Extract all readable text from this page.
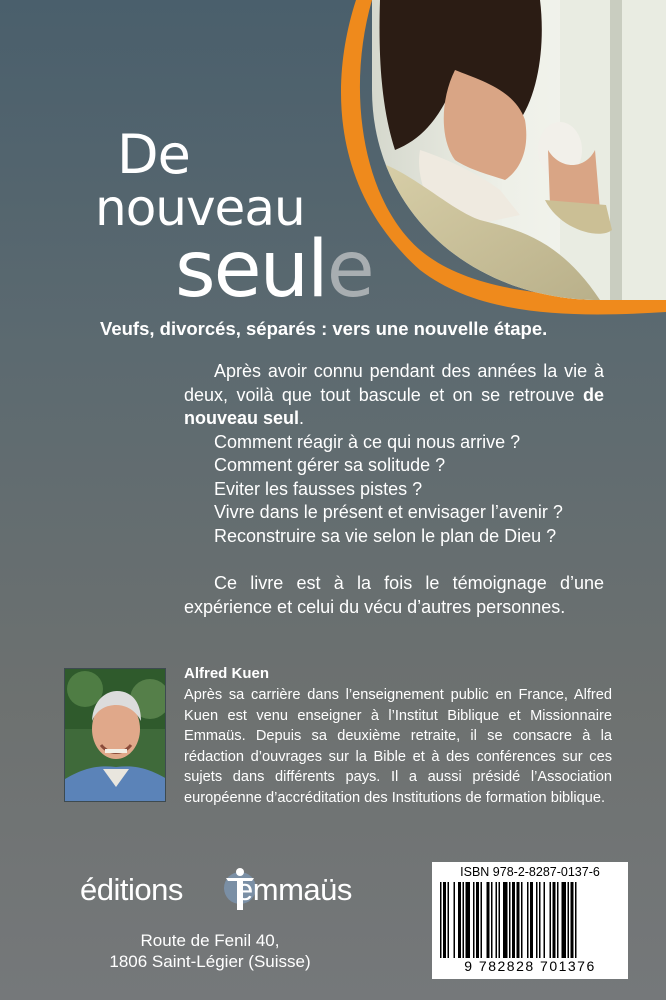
De
nouveau
seule
Veufs, divorcés, séparés : vers une nouvelle étape.

Après avoir connu pendant des années la vie à deux, voilà que tout bascule et on se retrouve de nouveau seul.

Comment réagir à ce qui nous arrive ?
Comment gérer sa solitude ?
Eviter les fausses pistes ?
Vivre dans le présent et envisager l’avenir ?
Reconstruire sa vie selon le plan de Dieu ?

Ce livre est à la fois le témoignage d’une expérience et celui du vécu d’autres personnes.

Alfred Kuen
Après sa carrière dans l’enseignement public en France, Alfred Kuen est venu enseigner à l’Institut Biblique et Missionnaire Emmaüs. Depuis sa deuxième retraite, il se consacre à la rédaction d’ouvrages sur la Bible et à des conférences sur ces sujets dans différents pays. Il a aussi présidé l’Association européenne d’accréditation des Institutions de formation biblique.
éditions emmaüs
Route de Fenil 40,
1806 Saint-Légier (Suisse)
ISBN 978-2-8287-0137-6
9 782828 701376
